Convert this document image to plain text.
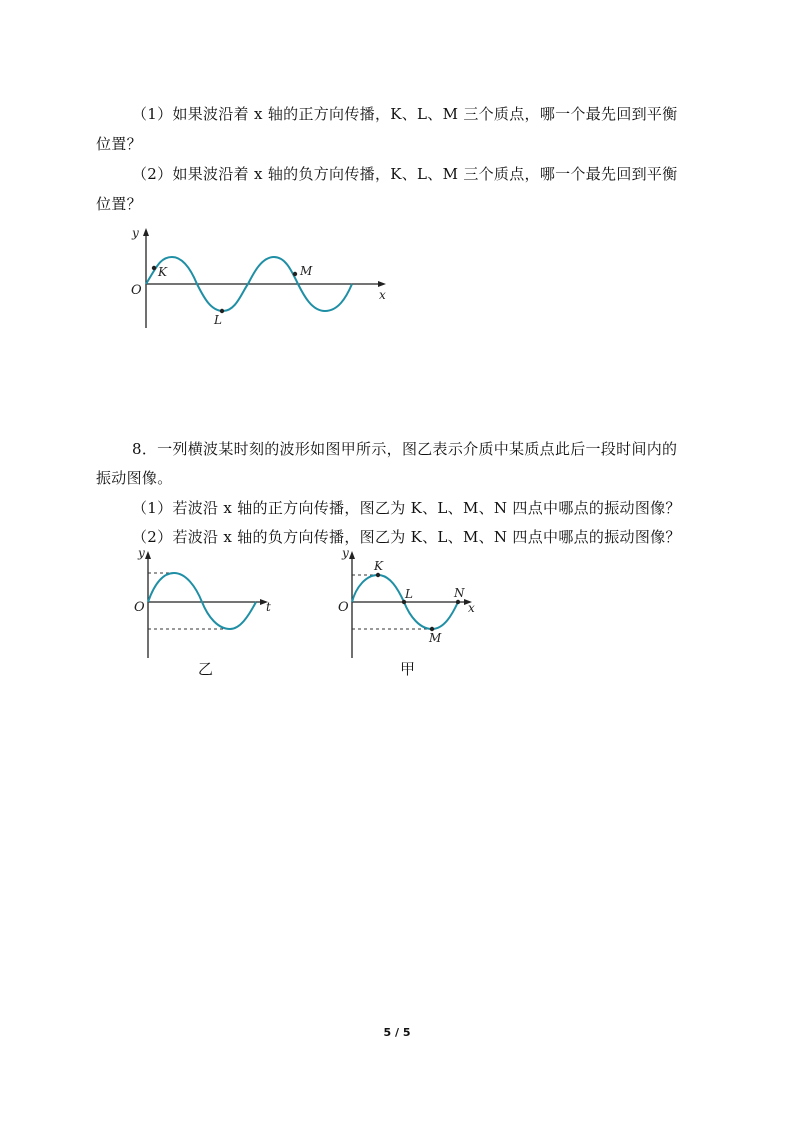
（1）如果波沿着 x 轴的正方向传播，K、L、M 三个质点，哪一个最先回到平衡
位置？
（2）如果波沿着 x 轴的负方向传播，K、L、M 三个质点，哪一个最先回到平衡
位置？
y
x
O
K
L
M
8．一列横波某时刻的波形如图甲所示，图乙表示介质中某质点此后一段时间内的
振动图像。
（1）若波沿 x 轴的正方向传播，图乙为 K、L、M、N 四点中哪点的振动图像？
（2）若波沿 x 轴的负方向传播，图乙为 K、L、M、N 四点中哪点的振动图像？
y
t
O
乙
y
x
O
K
L
M
N
甲
5 / 5
